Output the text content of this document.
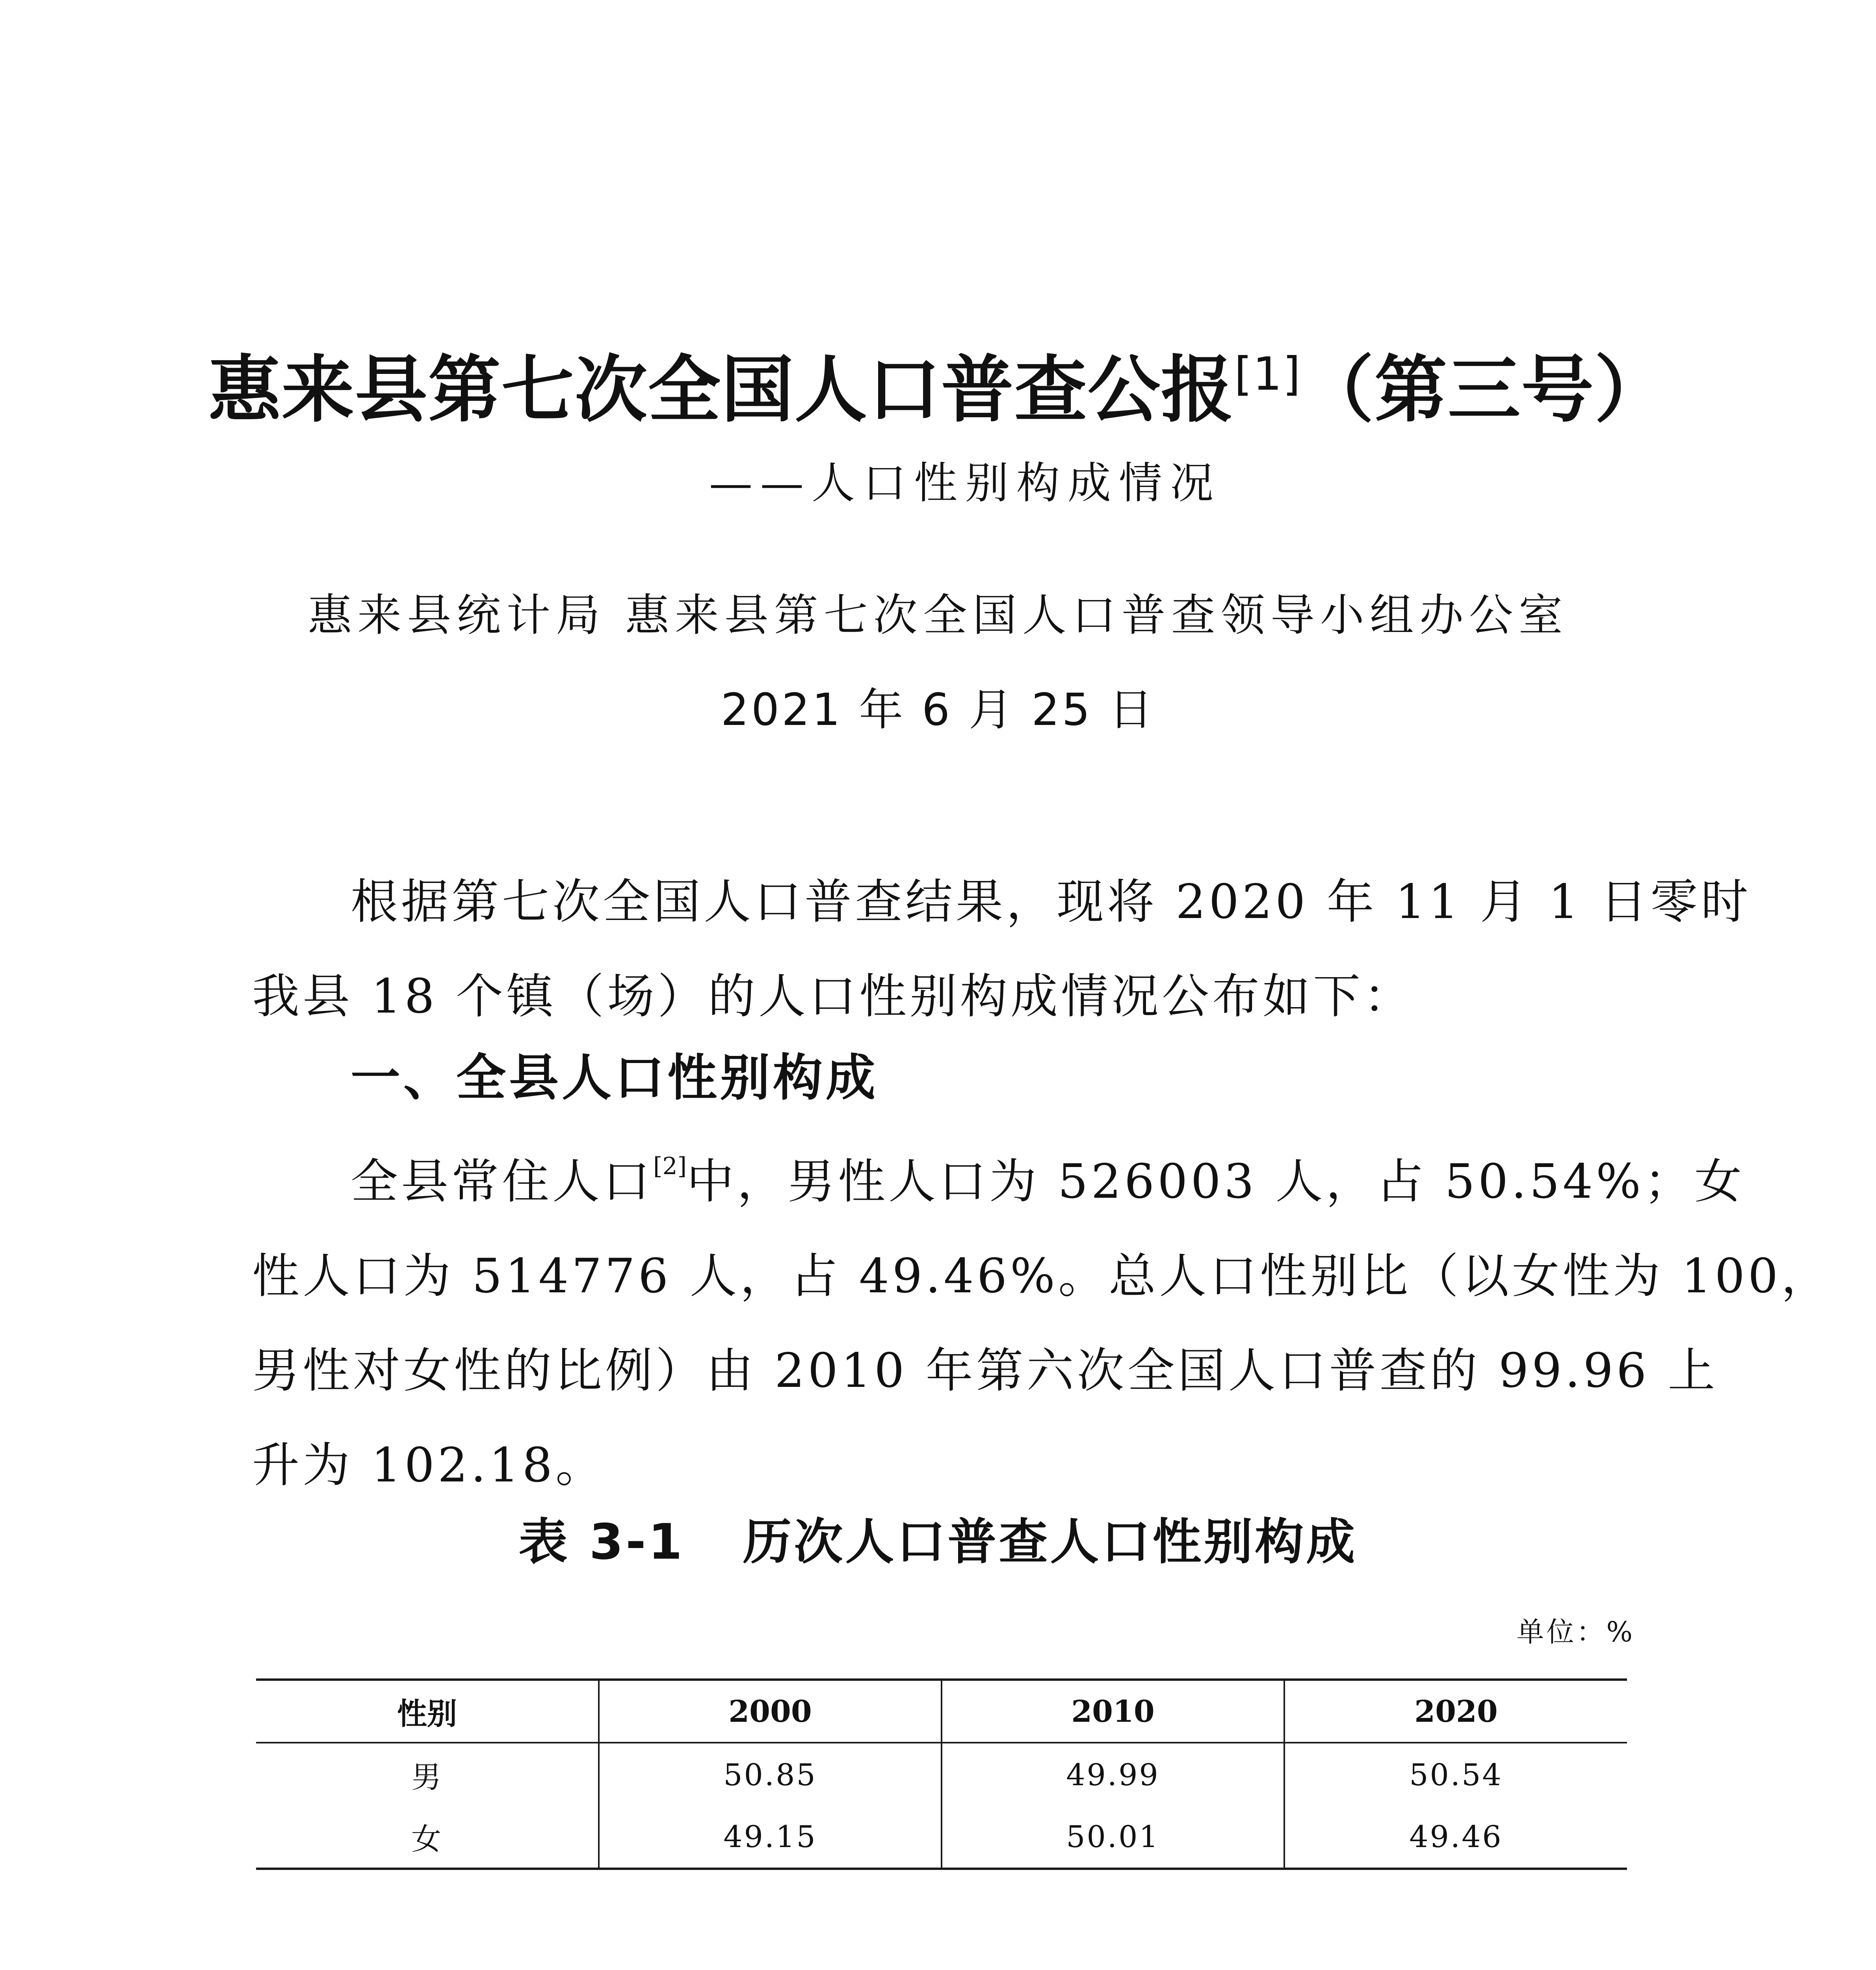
惠来县第七次全国人口普查公报[1]（第三号）
——人口性别构成情况
惠来县统计局 惠来县第七次全国人口普查领导小组办公室
2021 年 6 月 25 日
根据第七次全国人口普查结果，现将 2020 年 11 月 1 日零时
我县 18 个镇（场）的人口性别构成情况公布如下：
一、全县人口性别构成
全县常住人口[2]中，男性人口为 526003 人，占 50.54%；女
性人口为 514776 人，占 49.46%。总人口性别比（以女性为 100，
男性对女性的比例）由 2010 年第六次全国人口普查的 99.96 上
升为 102.18。
表 3-1   历次人口普查人口性别构成
单位：%
性别	2000	2010	2020
男	50.85	49.99	50.54
女	49.15	50.01	49.46
